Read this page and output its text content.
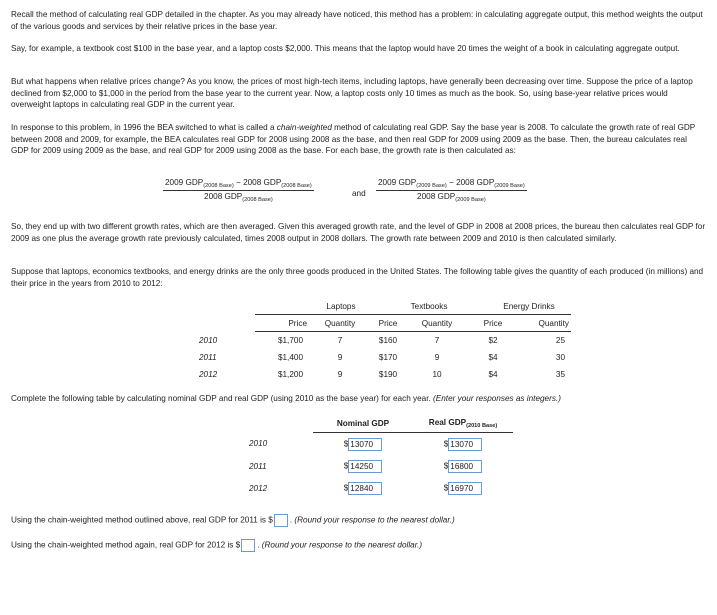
Recall the method of calculating real GDP detailed in the chapter. As you may already have noticed, this method has a problem: in calculating aggregate output, this method weights the output of the various goods and services by their relative prices in the base year.

Say, for example, a textbook cost $100 in the base year, and a laptop costs $2,000. This means that the laptop would have 20 times the weight of a book in calculating aggregate output.

But what happens when relative prices change? As you know, the prices of most high-tech items, including laptops, have generally been decreasing over time. Suppose the price of a laptop declined from $2,000 to $1,000 in the period from the base year to the current year. Now, a laptop costs only 10 times as much as the book. So, using base-year relative prices would overweight laptops in calculating real GDP in the current year.

In response to this problem, in 1996 the BEA switched to what is called a chain-weighted method of calculating real GDP. Say the base year is 2008. To calculate the growth rate of real GDP between 2008 and 2009, for example, the BEA calculates real GDP for 2008 using 2008 as the base, and then real GDP for 2009 using 2009 as the base. Then, the bureau calculates real GDP for 2009 using 2009 as the base, and real GDP for 2009 using 2008 as the base. For each base, the growth rate is then calculated as:

2009 $GDP_{(2008 Base)} - 2008$ $GDP_{(2008 Base)}$
2008 $GDP_{(2008 Base)}$
and
2009 $GDP_{(2009 Base)} - 2008$ $GDP_{(2009 Base)}$
2008 $GDP_{(2009 Base)}$

So, they end up with two different growth rates, which are then averaged. Given this averaged growth rate, and the level of GDP in 2008 at 2008 prices, the bureau then calculates real GDP for 2009 as one plus the average growth rate previously calculated, times 2008 output in 2008 dollars. The growth rate between 2009 and 2010 is then calculated similarly.

Suppose that laptops, economics textbooks, and energy drinks are the only three goods produced in the United States. The following table gives the quantity of each produced (in millions) and their price in the years from 2010 to 2012:

	Laptops		Textbooks		Energy Drinks	
	Price	Quantity	Price	Quantity	Price	Quantity
2010	$1,700	7	$160	7	$2	25
2011	$1,400	9	$170	9	$4	30
2012	$1,200	9	$190	10	$4	35

Complete the following table by calculating nominal GDP and real GDP (using 2010 as the base year) for each year. (Enter your responses as integers.)

	Nominal GDP	Real $GDP_{(2010 Base)}$
2010	$13070	$13070
2011	$14250	$16800
2012	$12840	$16970
Using the chain-weighted method outlined above, real GDP for 2011 is $ . (Round your response to the nearest dollar.)
Using the chain-weighted method again, real GDP for 2012 is $ . (Round your response to the nearest dollar.)
